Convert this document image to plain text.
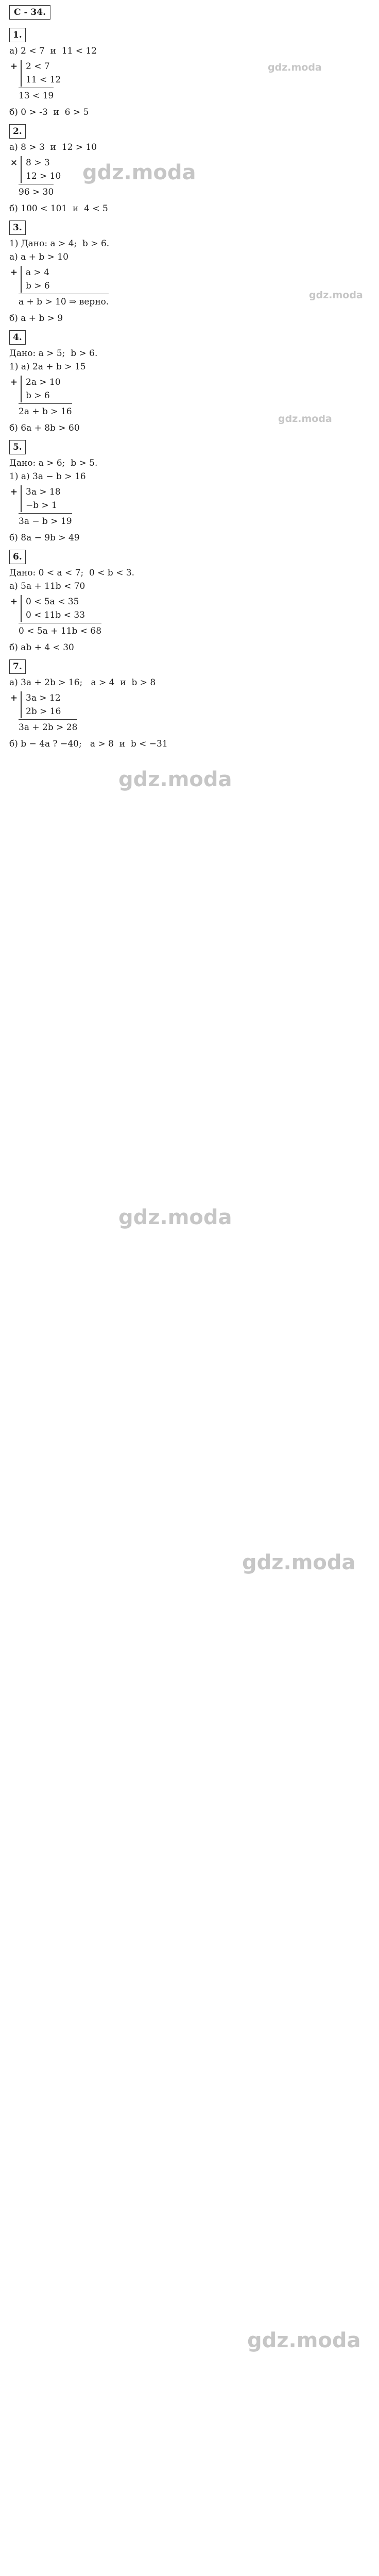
С - 34.
1.
а) 2 < 7  и  11 < 12
+ 2 < 7
11 < 12
13 < 19
б) 0 > -3  и  6 > 5
2.
а) 8 > 3  и  12 > 10
× 8 > 3
12 > 10
96 > 30
б) 100 < 101  и  4 < 5
3.
1) Дано: a > 4;  b > 6.
а) a + b > 10
+ a > 4
b > 6
a + b > 10 ⇒ верно.
б) a + b > 9
4.
Дано: a > 5;  b > 6.
1) а) 2a + b > 15
+ 2a > 10
b > 6
2a + b > 16
б) 6a + 8b > 60
5.
Дано: a > 6;  b > 5.
1) а) 3a − b > 16
+ 3a > 18
−b > 1
3a − b > 19
б) 8a − 9b > 49
6.
Дано: 0 < a < 7;  0 < b < 3.
а) 5a + 11b < 70
+ 0 < 5a < 35
0 < 11b < 33
0 < 5a + 11b < 68
б) ab + 4 < 30
7.
а) 3a + 2b > 16;   a > 4  и  b > 8
+ 3a > 12
2b > 16
3a + 2b > 28
б) b − 4a ? −40;   a > 8  и  b < −31
gdz.moda
gdz.moda
gdz.moda
gdz.moda
gdz.moda
gdz.moda
gdz.moda
gdz.moda
